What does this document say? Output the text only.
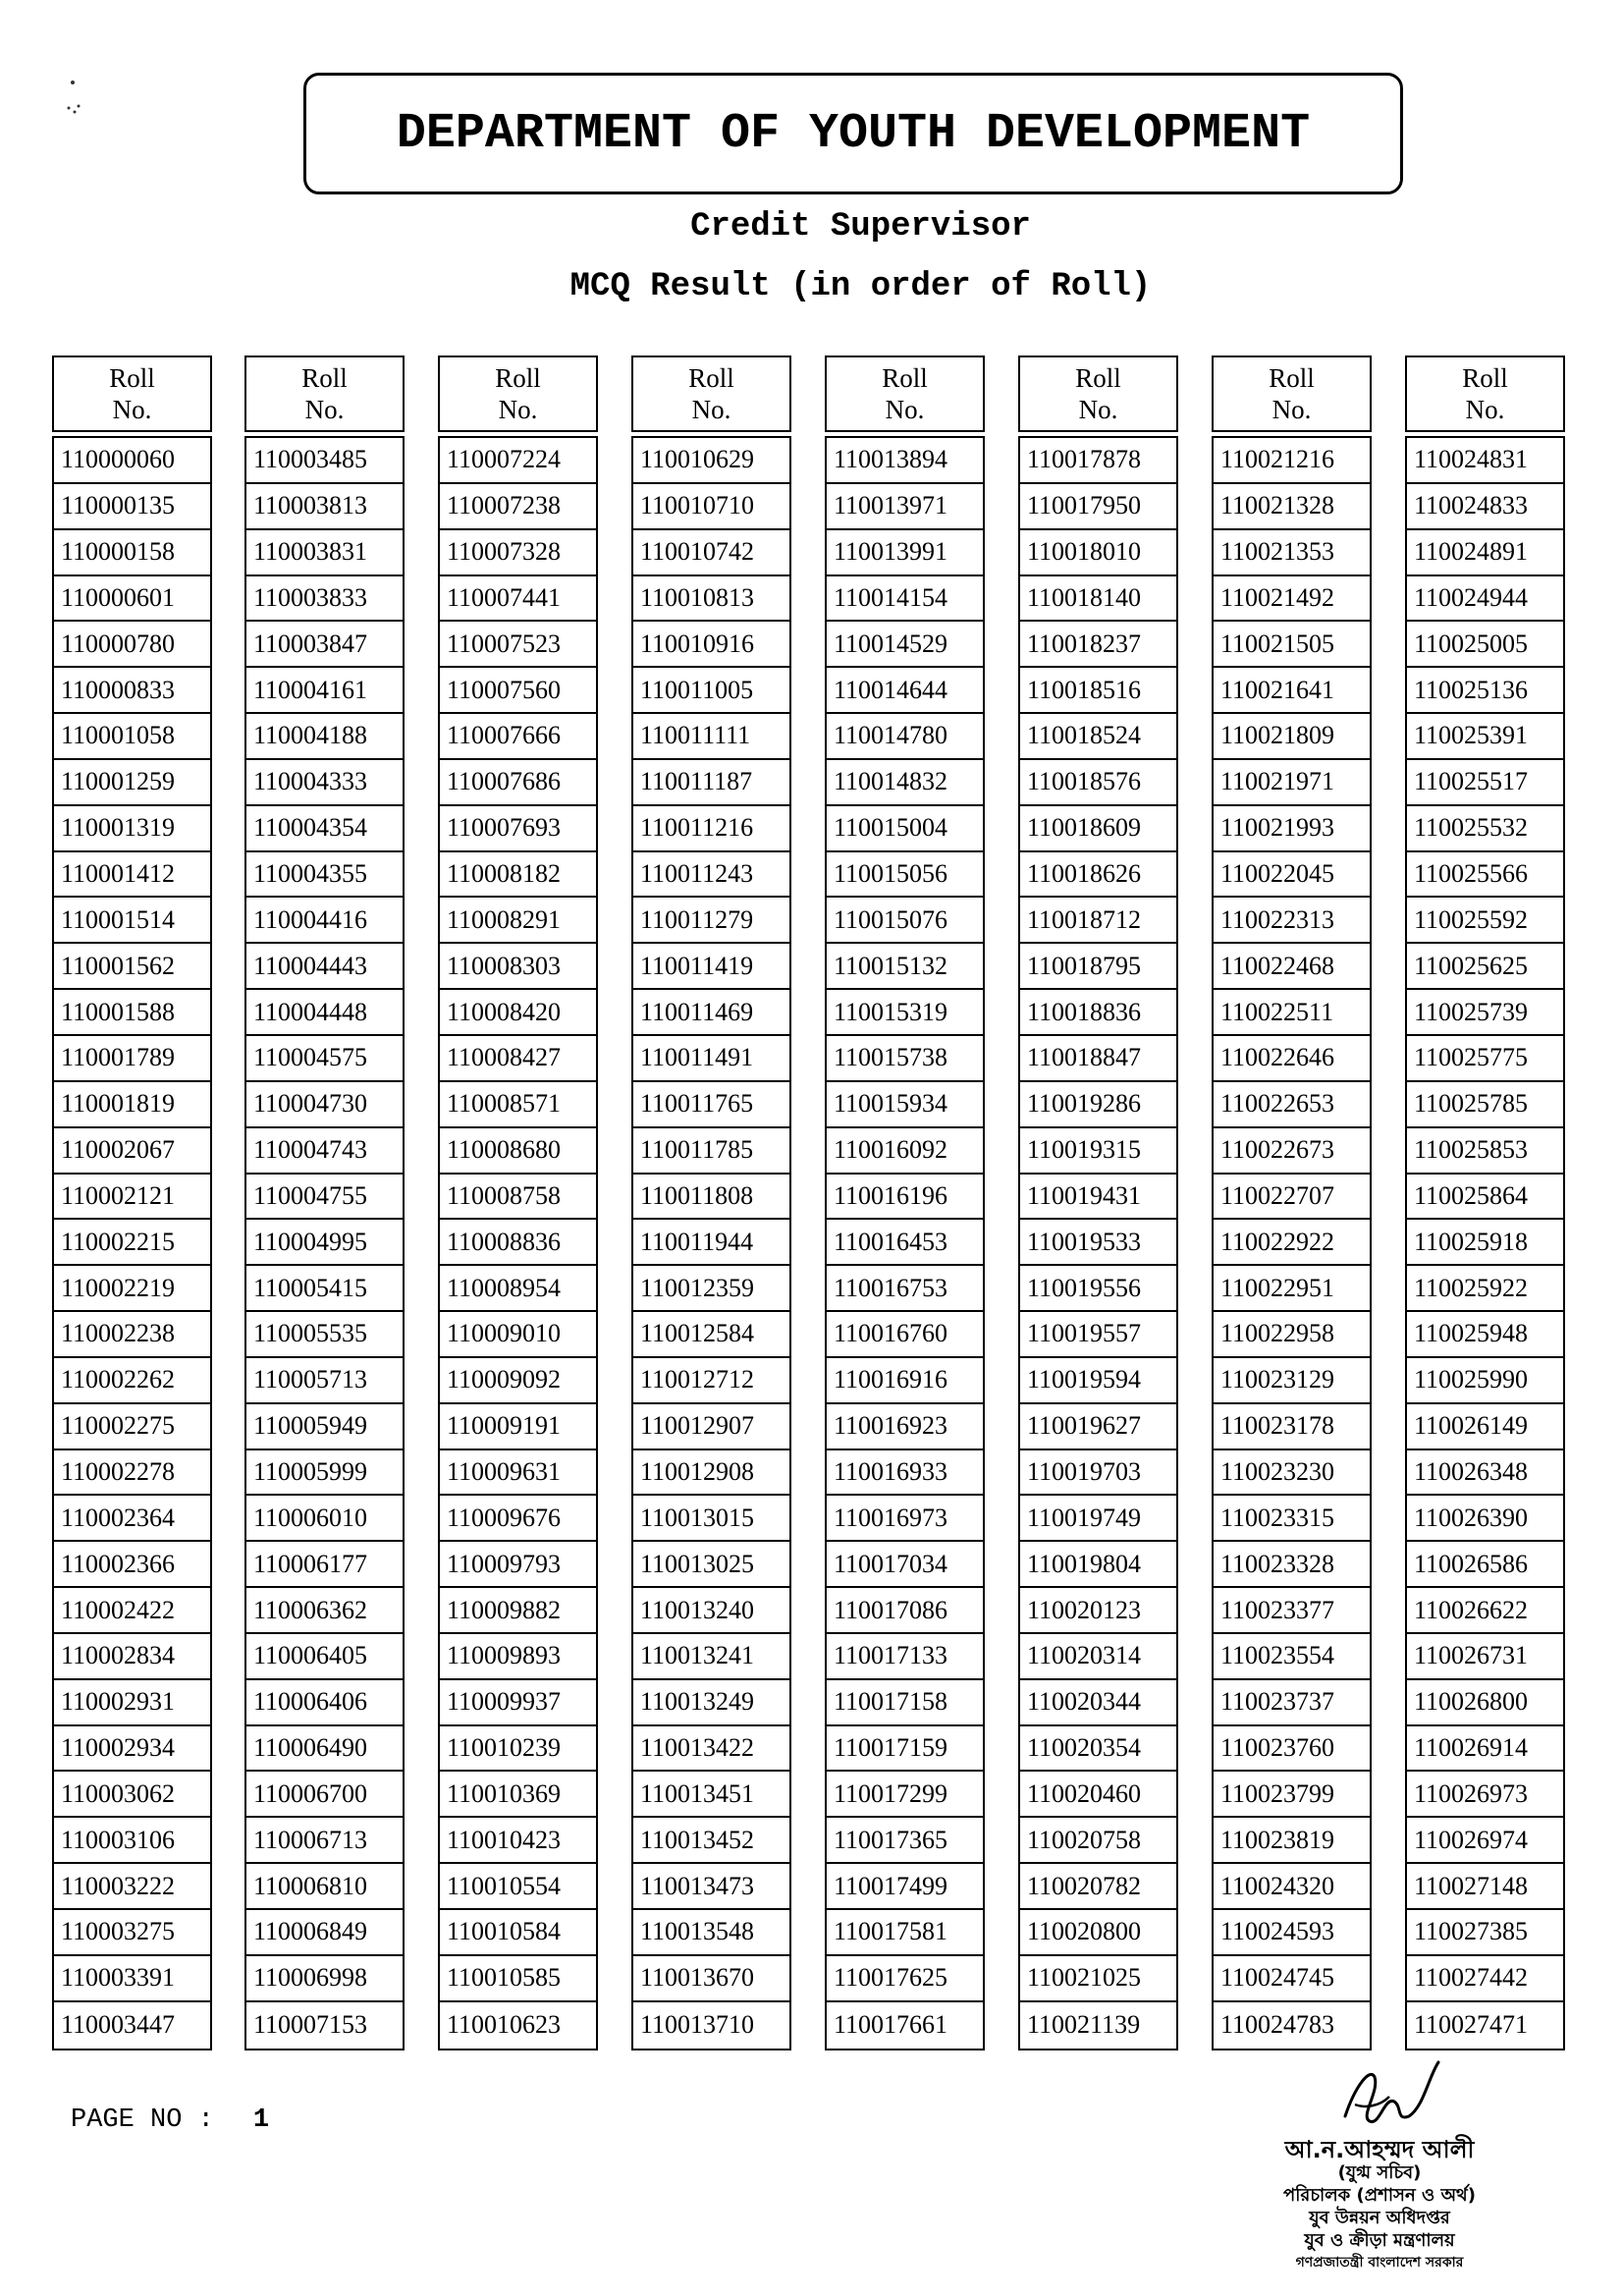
DEPARTMENT OF YOUTH DEVELOPMENT
Credit Supervisor
MCQ Result (in order of Roll)
Roll
No.
110000060
110000135
110000158
110000601
110000780
110000833
110001058
110001259
110001319
110001412
110001514
110001562
110001588
110001789
110001819
110002067
110002121
110002215
110002219
110002238
110002262
110002275
110002278
110002364
110002366
110002422
110002834
110002931
110002934
110003062
110003106
110003222
110003275
110003391
110003447
Roll
No.
110003485
110003813
110003831
110003833
110003847
110004161
110004188
110004333
110004354
110004355
110004416
110004443
110004448
110004575
110004730
110004743
110004755
110004995
110005415
110005535
110005713
110005949
110005999
110006010
110006177
110006362
110006405
110006406
110006490
110006700
110006713
110006810
110006849
110006998
110007153
Roll
No.
110007224
110007238
110007328
110007441
110007523
110007560
110007666
110007686
110007693
110008182
110008291
110008303
110008420
110008427
110008571
110008680
110008758
110008836
110008954
110009010
110009092
110009191
110009631
110009676
110009793
110009882
110009893
110009937
110010239
110010369
110010423
110010554
110010584
110010585
110010623
Roll
No.
110010629
110010710
110010742
110010813
110010916
110011005
110011111
110011187
110011216
110011243
110011279
110011419
110011469
110011491
110011765
110011785
110011808
110011944
110012359
110012584
110012712
110012907
110012908
110013015
110013025
110013240
110013241
110013249
110013422
110013451
110013452
110013473
110013548
110013670
110013710
Roll
No.
110013894
110013971
110013991
110014154
110014529
110014644
110014780
110014832
110015004
110015056
110015076
110015132
110015319
110015738
110015934
110016092
110016196
110016453
110016753
110016760
110016916
110016923
110016933
110016973
110017034
110017086
110017133
110017158
110017159
110017299
110017365
110017499
110017581
110017625
110017661
Roll
No.
110017878
110017950
110018010
110018140
110018237
110018516
110018524
110018576
110018609
110018626
110018712
110018795
110018836
110018847
110019286
110019315
110019431
110019533
110019556
110019557
110019594
110019627
110019703
110019749
110019804
110020123
110020314
110020344
110020354
110020460
110020758
110020782
110020800
110021025
110021139
Roll
No.
110021216
110021328
110021353
110021492
110021505
110021641
110021809
110021971
110021993
110022045
110022313
110022468
110022511
110022646
110022653
110022673
110022707
110022922
110022951
110022958
110023129
110023178
110023230
110023315
110023328
110023377
110023554
110023737
110023760
110023799
110023819
110024320
110024593
110024745
110024783
Roll
No.
110024831
110024833
110024891
110024944
110025005
110025136
110025391
110025517
110025532
110025566
110025592
110025625
110025739
110025775
110025785
110025853
110025864
110025918
110025922
110025948
110025990
110026149
110026348
110026390
110026586
110026622
110026731
110026800
110026914
110026973
110026974
110027148
110027385
110027442
110027471
PAGE NO : 1
আ.ন.আহম্মদ আলী
(যুগ্ম সচিব)
পরিচালক (প্রশাসন ও অর্থ)
যুব উন্নয়ন অধিদপ্তর
যুব ও ক্রীড়া মন্ত্রণালয়
গণপ্রজাতন্ত্রী বাংলাদেশ সরকার
